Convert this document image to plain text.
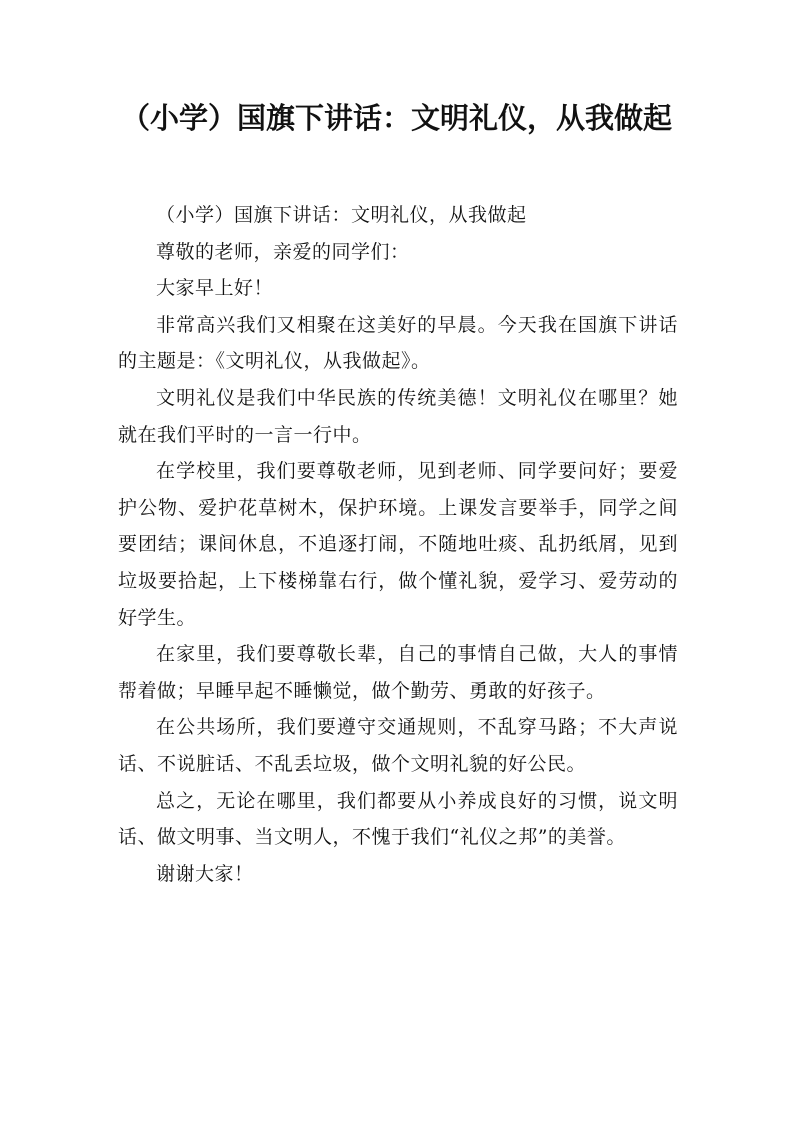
（小学）国旗下讲话：文明礼仪，从我做起

（小学）国旗下讲话：文明礼仪，从我做起

尊敬的老师，亲爱的同学们：

大家早上好！

非常高兴我们又相聚在这美好的早晨。今天我在国旗下讲话的主题是：《文明礼仪，从我做起》。

文明礼仪是我们中华民族的传统美德！文明礼仪在哪里？她就在我们平时的一言一行中。

在学校里，我们要尊敬老师，见到老师、同学要问好；要爱护公物、爱护花草树木，保护环境。上课发言要举手，同学之间要团结；课间休息，不追逐打闹，不随地吐痰、乱扔纸屑，见到垃圾要拾起，上下楼梯靠右行，做个懂礼貌，爱学习、爱劳动的好学生。

在家里，我们要尊敬长辈，自己的事情自己做，大人的事情帮着做；早睡早起不睡懒觉，做个勤劳、勇敢的好孩子。

在公共场所，我们要遵守交通规则，不乱穿马路；不大声说话、不说脏话、不乱丢垃圾，做个文明礼貌的好公民。

总之，无论在哪里，我们都要从小养成良好的习惯，说文明话、做文明事、当文明人，不愧于我们“礼仪之邦”的美誉。

谢谢大家！
